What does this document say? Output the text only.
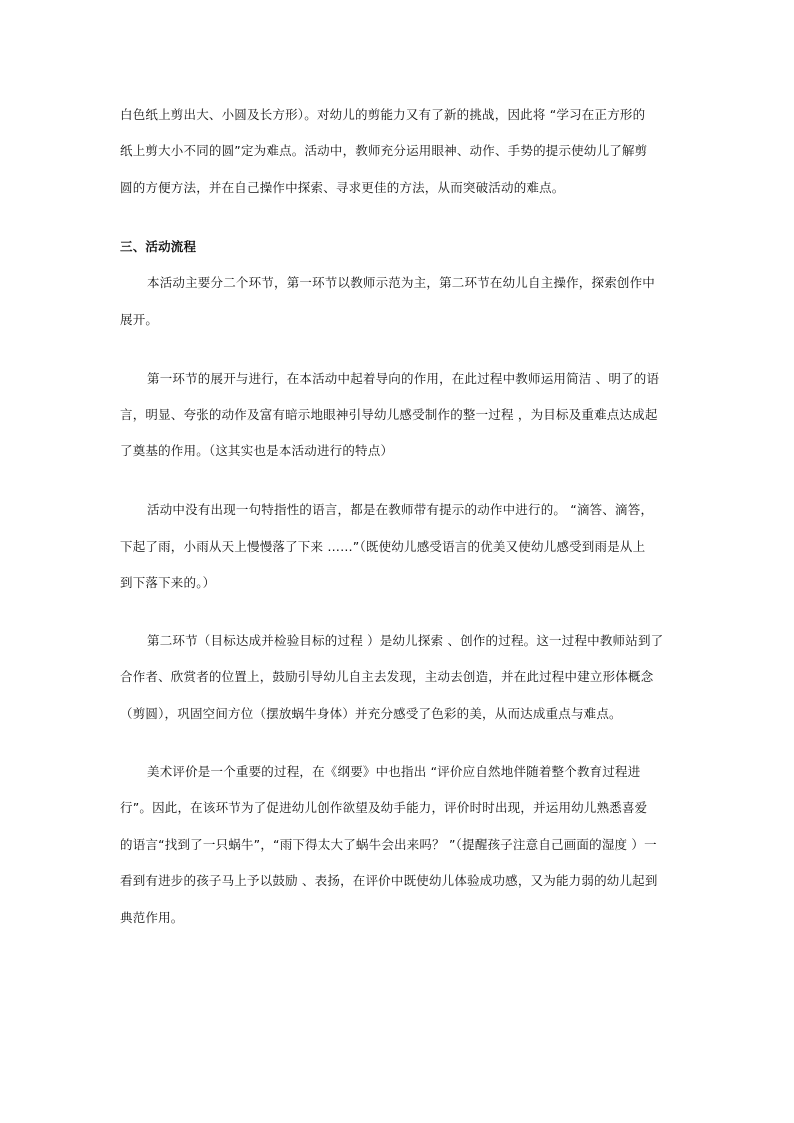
白色纸上剪出大、小圆及长方形）。对幼儿的剪能力又有了新的挑战，因此将 “学习在正方形的
纸上剪大小不同的圆”定为难点。活动中，教师充分运用眼神、动作、手势的提示使幼儿了解剪
圆的方便方法，并在自己操作中探索、寻求更佳的方法，从而突破活动的难点。
三、活动流程
本活动主要分二个环节，第一环节以教师示范为主，第二环节在幼儿自主操作，探索创作中
展开。
第一环节的展开与进行，在本活动中起着导向的作用，在此过程中教师运用简洁 、明了的语
言，明显、夸张的动作及富有暗示地眼神引导幼儿感受制作的整一过程 ，为目标及重难点达成起
了奠基的作用。（这其实也是本活动进行的特点）
活动中没有出现一句特指性的语言，都是在教师带有提示的动作中进行的。 “滴答、滴答，
下起了雨，小雨从天上慢慢落了下来 ……”（既使幼儿感受语言的优美又使幼儿感受到雨是从上
到下落下来的。）
第二环节（目标达成并检验目标的过程 ）是幼儿探索 、创作的过程。这一过程中教师站到了
合作者、欣赏者的位置上，鼓励引导幼儿自主去发现，主动去创造，并在此过程中建立形体概念
（剪圆），巩固空间方位（摆放蜗牛身体）并充分感受了色彩的美，从而达成重点与难点。
美术评价是一个重要的过程，在《纲要》中也指出 “评价应自然地伴随着整个教育过程进
行”。因此，在该环节为了促进幼儿创作欲望及幼手能力，评价时时出现，并运用幼儿熟悉喜爱
的语言“找到了一只蜗牛”，“雨下得太大了蜗牛会出来吗？ ”（提醒孩子注意自己画面的湿度 ）一
看到有进步的孩子马上予以鼓励 、表扬，在评价中既使幼儿体验成功感，又为能力弱的幼儿起到
典范作用。
